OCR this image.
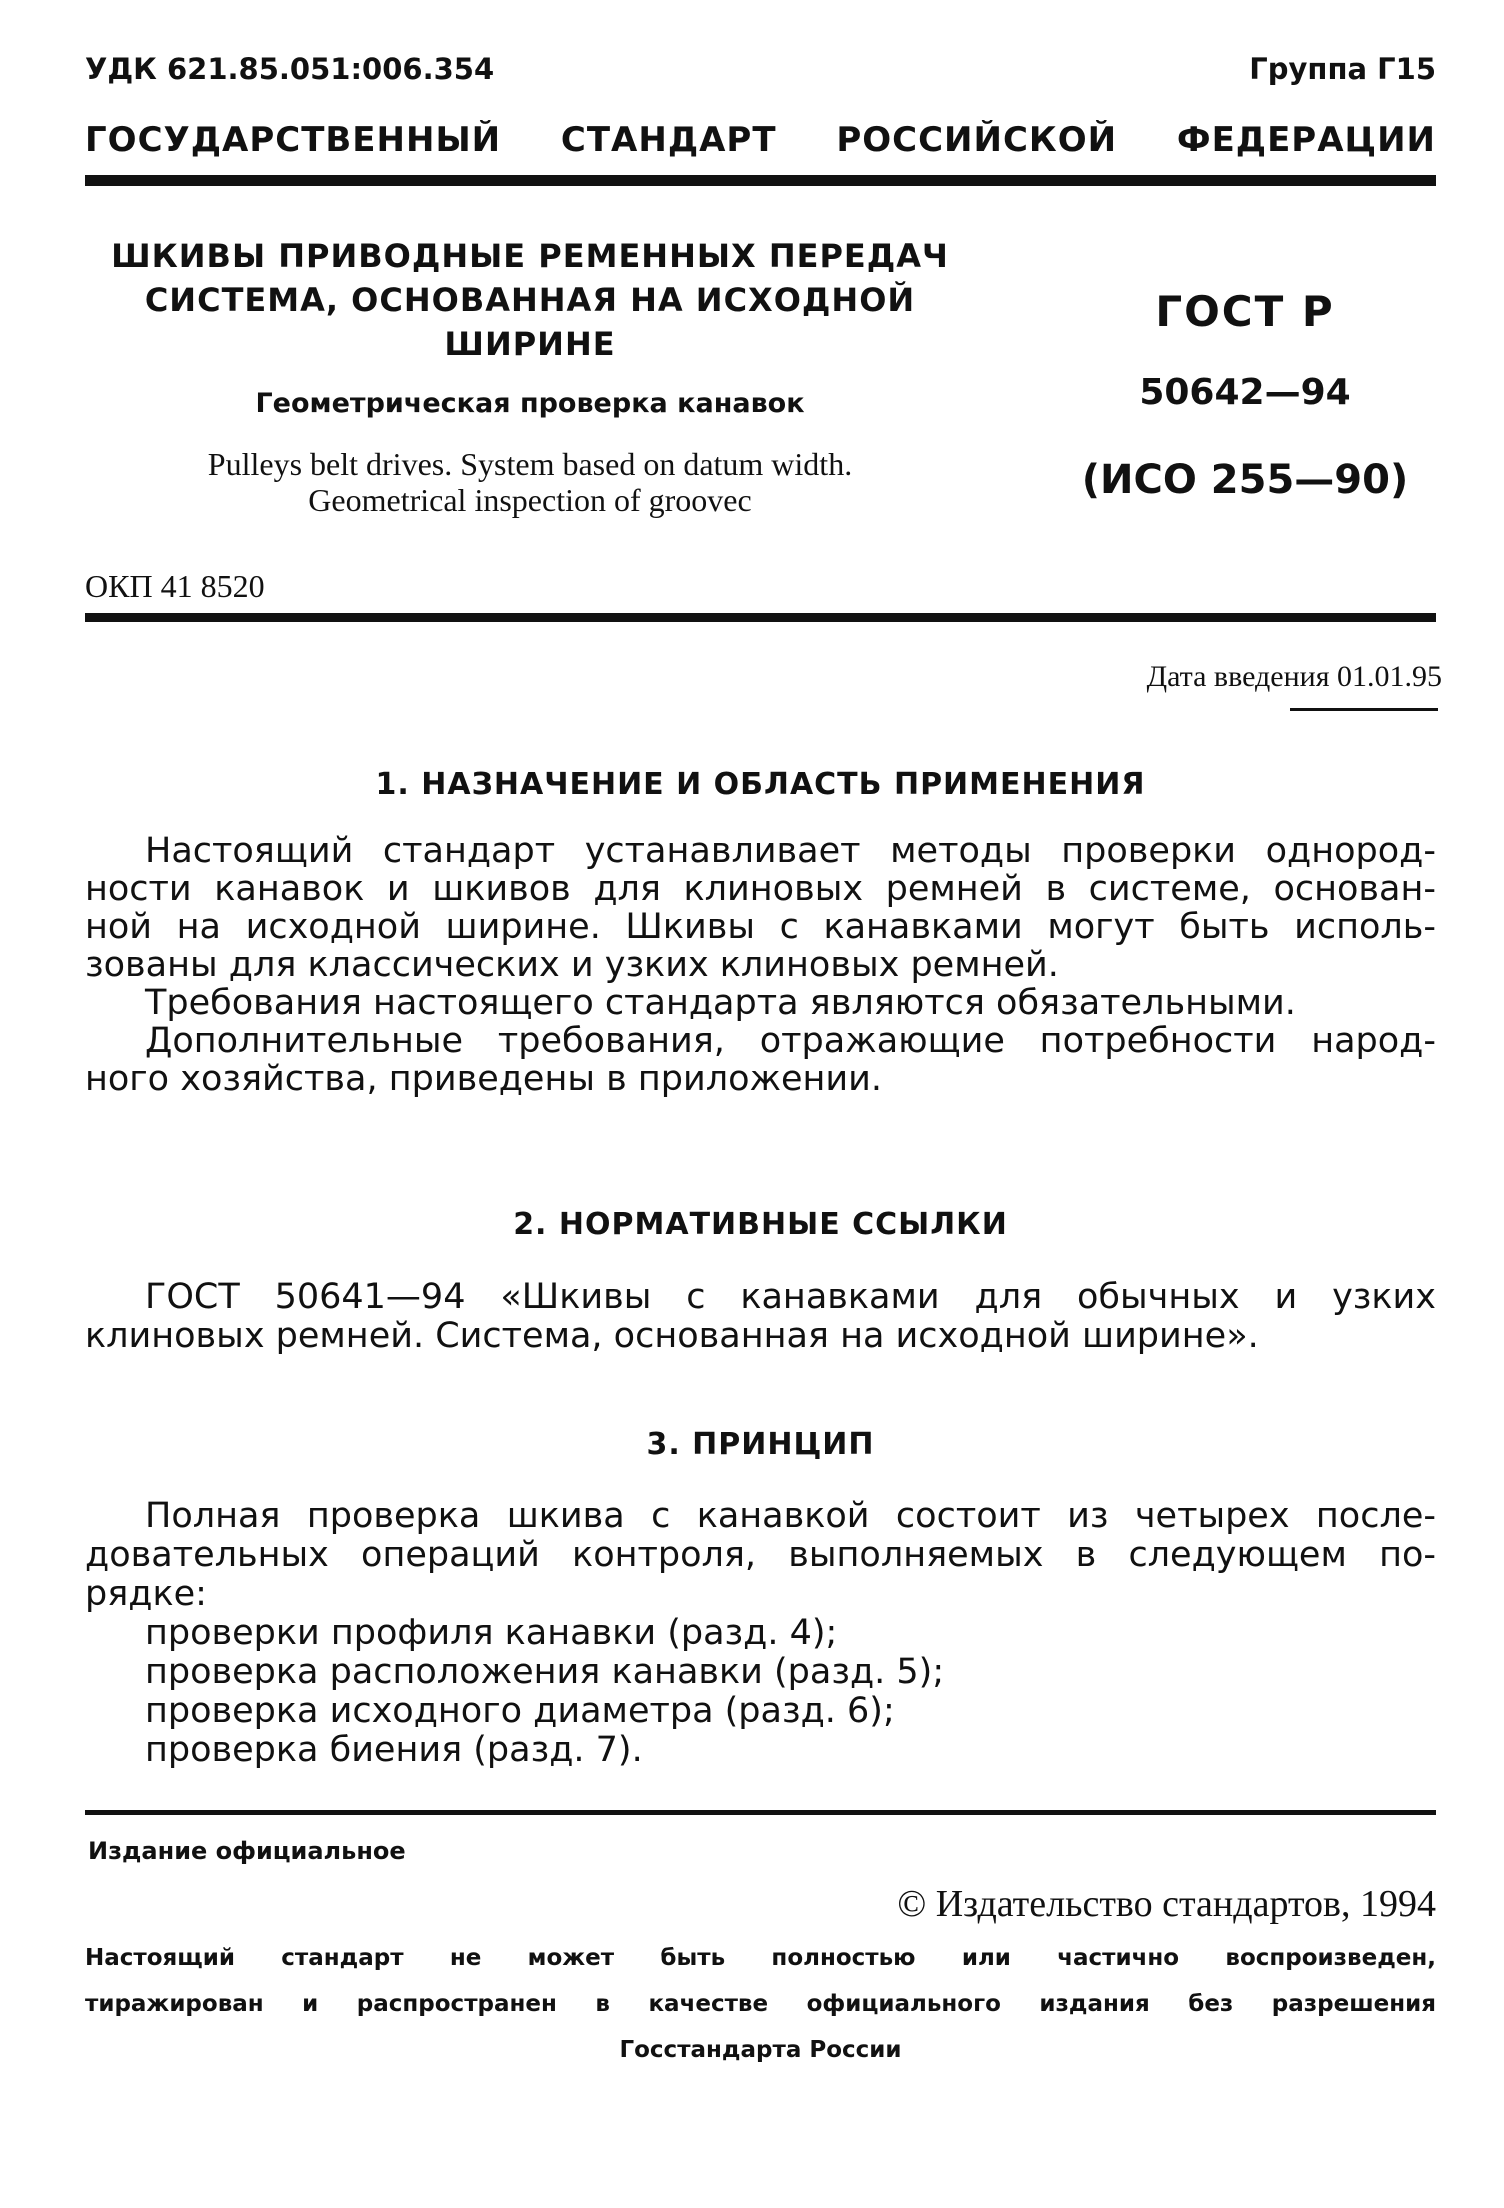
УДК 621.85.051:006.354	Группа Г15
ГОСУДАРСТВЕННЫЙ СТАНДАРТ РОССИЙСКОЙ ФЕДЕРАЦИИ
ШКИВЫ ПРИВОДНЫЕ РЕМЕННЫХ ПЕРЕДАЧ
СИСТЕМА, ОСНОВАННАЯ НА ИСХОДНОЙ
ШИРИНЕ
Геометрическая проверка канавок
Pulleys belt drives. System based on datum width.
Geometrical inspection of groovec
ГОСТ Р
50642—94
(ИСО 255—90)
ОКП 41 8520
Дата введения 01.01.95
1. НАЗНАЧЕНИЕ И ОБЛАСТЬ ПРИМЕНЕНИЯ
Настоящий стандарт устанавливает методы проверки однород-
ности канавок и шкивов для клиновых ремней в системе, основан-
ной на исходной ширине. Шкивы с канавками могут быть исполь-
зованы для классических и узких клиновых ремней.
Требования настоящего стандарта являются обязательными.
Дополнительные требования, отражающие потребности народ-
ного хозяйства, приведены в приложении.
2. НОРМАТИВНЫЕ ССЫЛКИ
ГОСТ 50641—94 «Шкивы с канавками для обычных и узких
клиновых ремней. Система, основанная на исходной ширине».
3. ПРИНЦИП
Полная проверка шкива с канавкой состоит из четырех после-
довательных операций контроля, выполняемых в следующем по-
рядке:
проверки профиля канавки (разд. 4);
проверка расположения канавки (разд. 5);
проверка исходного диаметра (разд. 6);
проверка биения (разд. 7).
Издание официальное
© Издательство стандартов, 1994
Настоящий стандарт не может быть полностью или частично воспроизведен,
тиражирован и распространен в качестве официального издания без разрешения
Госстандарта России
